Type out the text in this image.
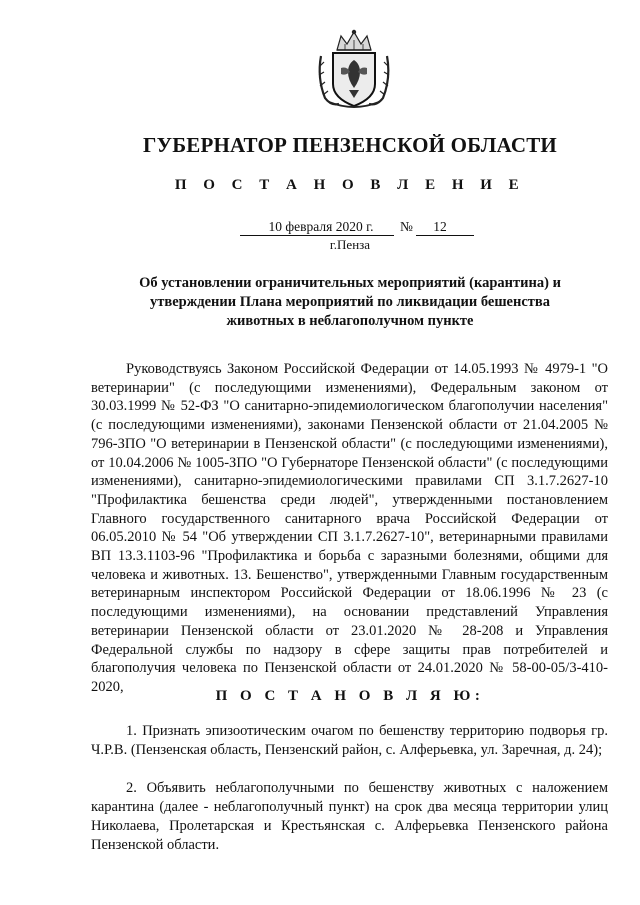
ГУБЕРНАТОР ПЕНЗЕНСКОЙ ОБЛАСТИ
П О С Т А Н О В Л Е Н И Е
10 февраля 2020 г.	№	12
г.Пенза
Об установлении ограничительных мероприятий (карантина) и утверждении Плана мероприятий по ликвидации бешенства животных в неблагополучном пункте

Руководствуясь Законом Российской Федерации от 14.05.1993 № 4979-1 "О ветеринарии" (с последующими изменениями), Федеральным законом от 30.03.1999 № 52-ФЗ "О санитарно-эпидемиологическом благополучии населения" (с последующими изменениями), законами Пензенской области от 21.04.2005 № 796-ЗПО "О ветеринарии в Пензенской области" (с последующими изменениями), от 10.04.2006 № 1005-ЗПО "О Губернаторе Пензенской области" (с последующими изменениями), санитарно-эпидемиологическими правилами СП 3.1.7.2627-10 "Профилактика бешенства среди людей", утвержденными постановлением Главного государственного санитарного врача Российской Федерации от 06.05.2010 № 54 "Об утверждении СП 3.1.7.2627-10", ветеринарными правилами ВП 13.3.1103-96 "Профилактика и борьба с заразными болезнями, общими для человека и животных. 13. Бешенство", утвержденными Главным государственным ветеринарным инспектором Российской Федерации от 18.06.1996 № 23 (с последующими изменениями), на основании представлений Управления ветеринарии Пензенской области от 23.01.2020 № 28-208 и Управления Федеральной службы по надзору в сфере защиты прав потребителей и благополучия человека по Пензенской области от 24.01.2020 № 58-00-05/3-410-2020,

П О С Т А Н О В Л Я Ю:

1. Признать эпизоотическим очагом по бешенству территорию подворья гр. Ч.Р.В. (Пензенская область, Пензенский район, с. Алферьевка, ул. Заречная, д. 24);

2. Объявить неблагополучными по бешенству животных с наложением карантина (далее - неблагополучный пункт) на срок два месяца территории улиц Николаева, Пролетарская и Крестьянская с. Алферьевка Пензенского района Пензенской области.
